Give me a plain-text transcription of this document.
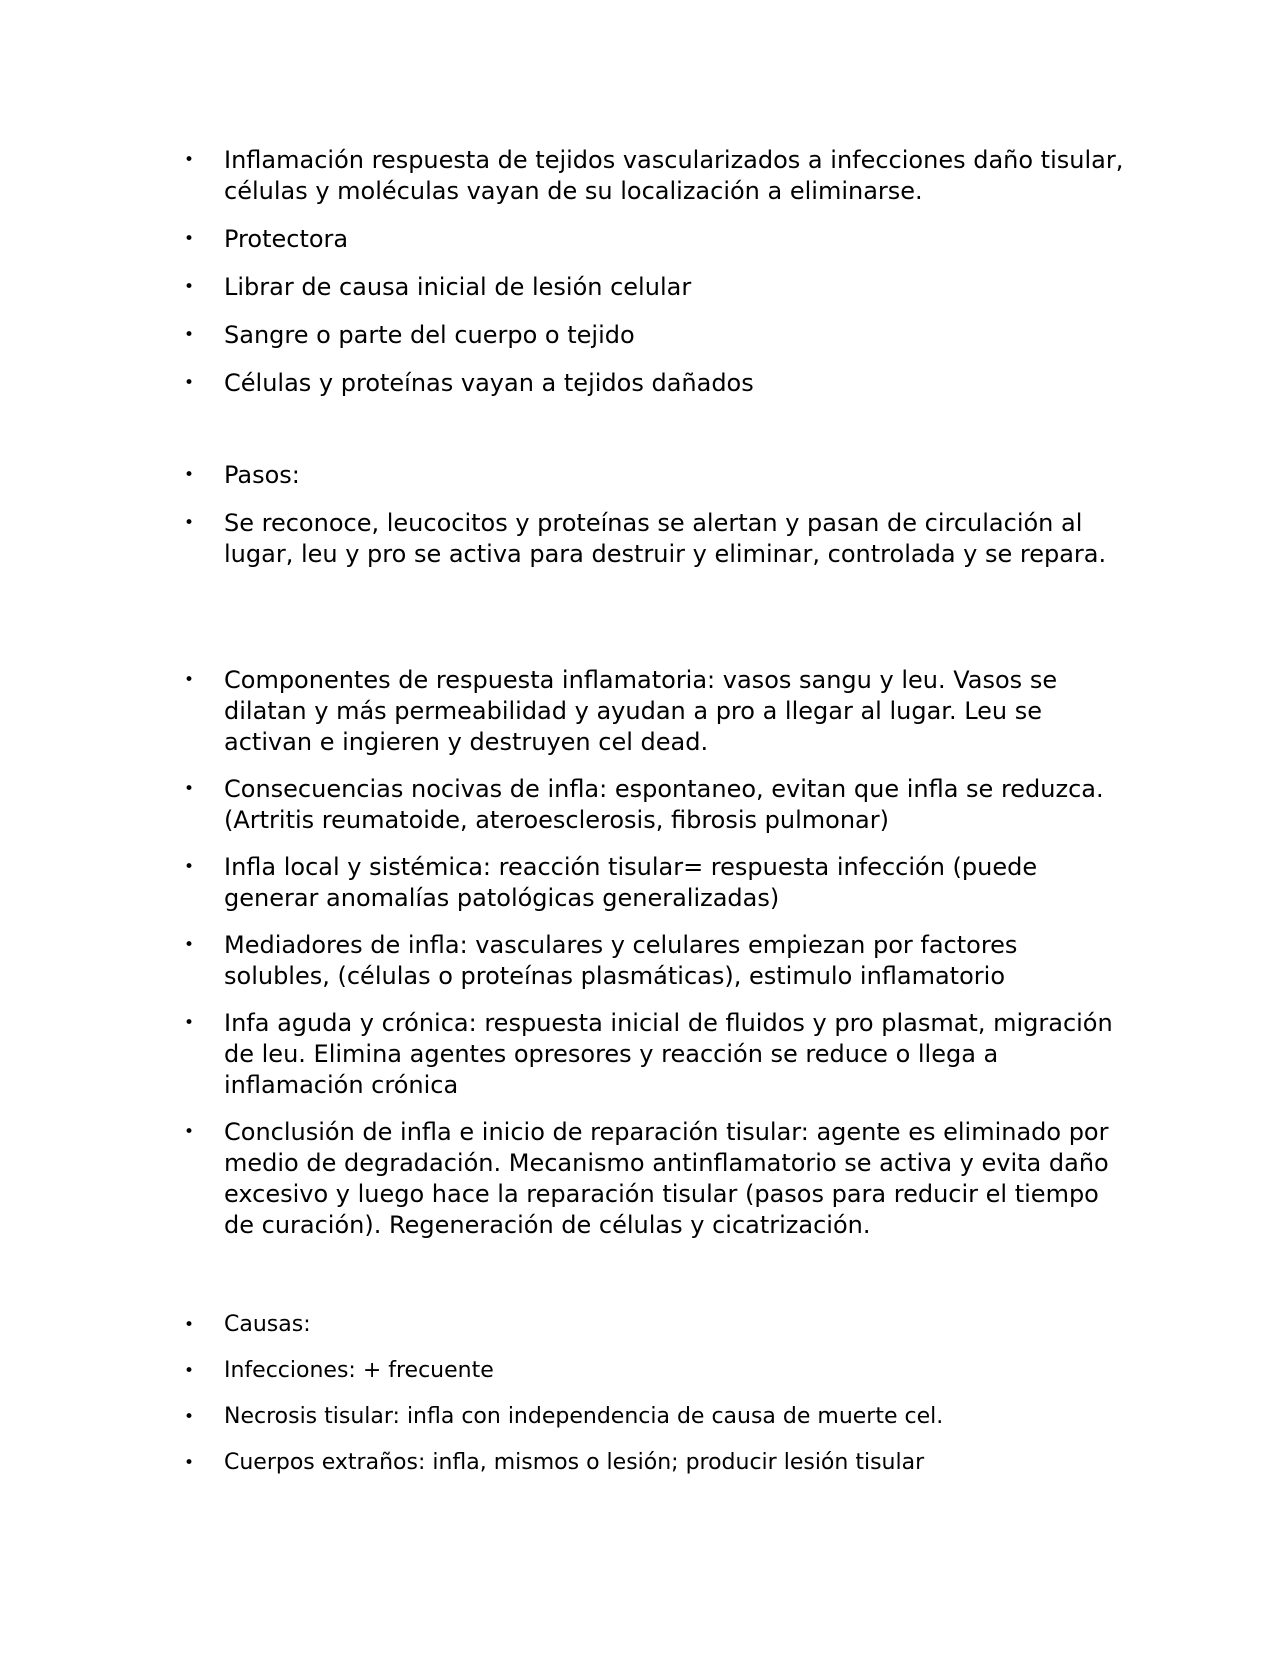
• Inflamación respuesta de tejidos vascularizados a infecciones daño tisular, células y moléculas vayan de su localización a eliminarse.
• Protectora
• Librar de causa inicial de lesión celular
• Sangre o parte del cuerpo o tejido
• Células y proteínas vayan a tejidos dañados
• Pasos:
• Se reconoce, leucocitos y proteínas se alertan y pasan de circulación al lugar, leu y pro se activa para destruir y eliminar, controlada y se repara.
• Componentes de respuesta inflamatoria: vasos sangu y leu. Vasos se dilatan y más permeabilidad y ayudan a pro a llegar al lugar. Leu se activan e ingieren y destruyen cel dead.
• Consecuencias nocivas de infla: espontaneo, evitan que infla se reduzca. (Artritis reumatoide, ateroesclerosis, fibrosis pulmonar)
• Infla local y sistémica: reacción tisular= respuesta infección (puede generar anomalías patológicas generalizadas)
• Mediadores de infla: vasculares y celulares empiezan por factores solubles, (células o proteínas plasmáticas), estimulo inflamatorio
• Infa aguda y crónica: respuesta inicial de fluidos y pro plasmat, migración de leu. Elimina agentes opresores y reacción se reduce o llega a inflamación crónica
• Conclusión de infla e inicio de reparación tisular: agente es eliminado por medio de degradación. Mecanismo antinflamatorio se activa y evita daño excesivo y luego hace la reparación tisular (pasos para reducir el tiempo de curación). Regeneración de células y cicatrización.
• Causas:
• Infecciones: + frecuente
• Necrosis tisular: infla con independencia de causa de muerte cel.
• Cuerpos extraños: infla, mismos o lesión; producir lesión tisular
